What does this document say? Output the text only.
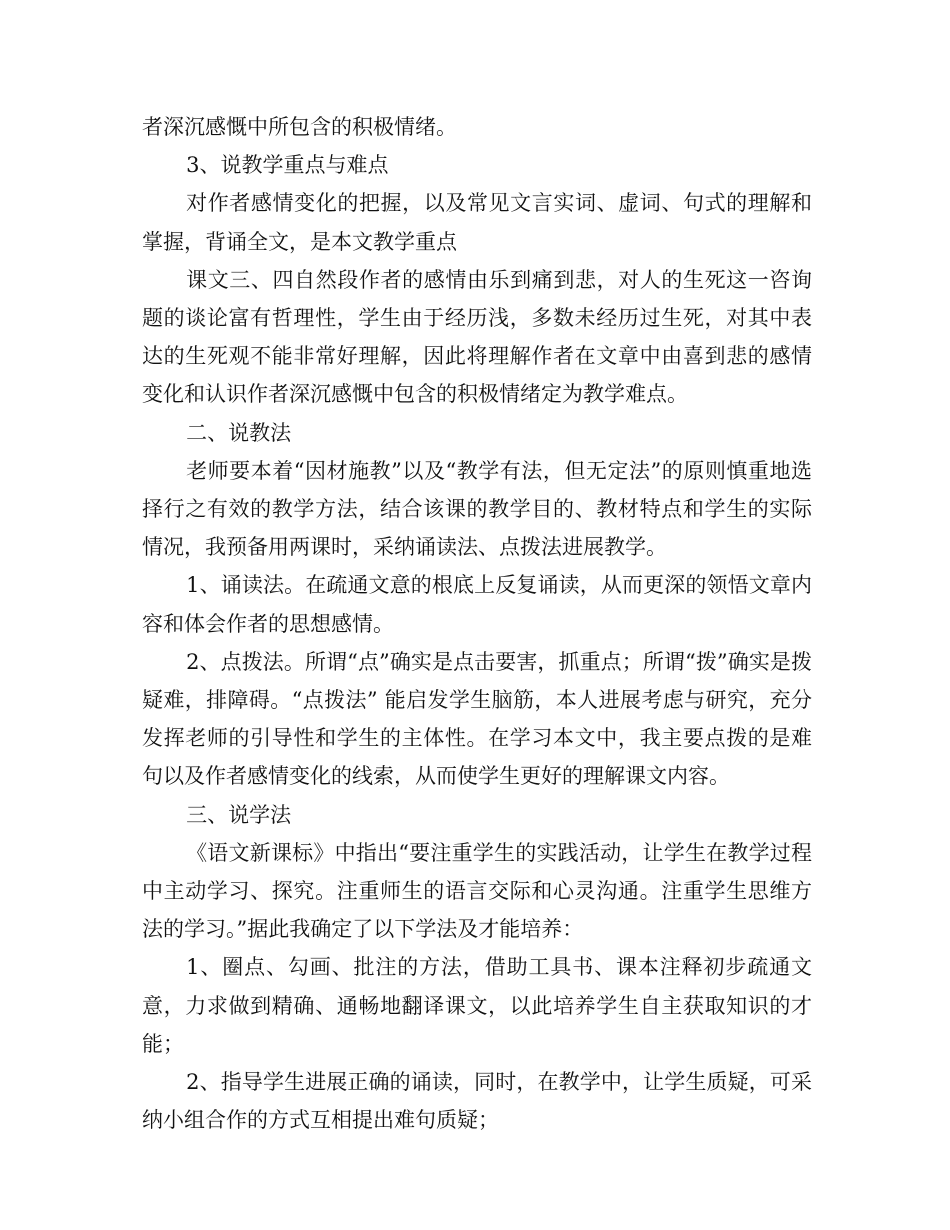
者深沉感慨中所包含的积极情绪。

3、说教学重点与难点

对作者感情变化的把握，以及常见文言实词、虚词、句式的理解和掌握，背诵全文，是本文教学重点

课文三、四自然段作者的感情由乐到痛到悲，对人的生死这一咨询题的谈论富有哲理性，学生由于经历浅，多数未经历过生死，对其中表达的生死观不能非常好理解，因此将理解作者在文章中由喜到悲的感情变化和认识作者深沉感慨中包含的积极情绪定为教学难点。

二、说教法

老师要本着“因材施教”以及“教学有法，但无定法”的原则慎重地选择行之有效的教学方法，结合该课的教学目的、教材特点和学生的实际情况，我预备用两课时，采纳诵读法、点拨法进展教学。

1、诵读法。在疏通文意的根底上反复诵读，从而更深的领悟文章内容和体会作者的思想感情。

2、点拨法。所谓“点”确实是点击要害，抓重点；所谓“拨”确实是拨疑难，排障碍。“点拨法” 能启发学生脑筋，本人进展考虑与研究，充分发挥老师的引导性和学生的主体性。在学习本文中，我主要点拨的是难句以及作者感情变化的线索，从而使学生更好的理解课文内容。

三、说学法

《语文新课标》中指出“要注重学生的实践活动，让学生在教学过程中主动学习、探究。注重师生的语言交际和心灵沟通。注重学生思维方法的学习。”据此我确定了以下学法及才能培养：

1、圈点、勾画、批注的方法，借助工具书、课本注释初步疏通文意，力求做到精确、通畅地翻译课文，以此培养学生自主获取知识的才能；

2、指导学生进展正确的诵读，同时，在教学中，让学生质疑，可采纳小组合作的方式互相提出难句质疑；
